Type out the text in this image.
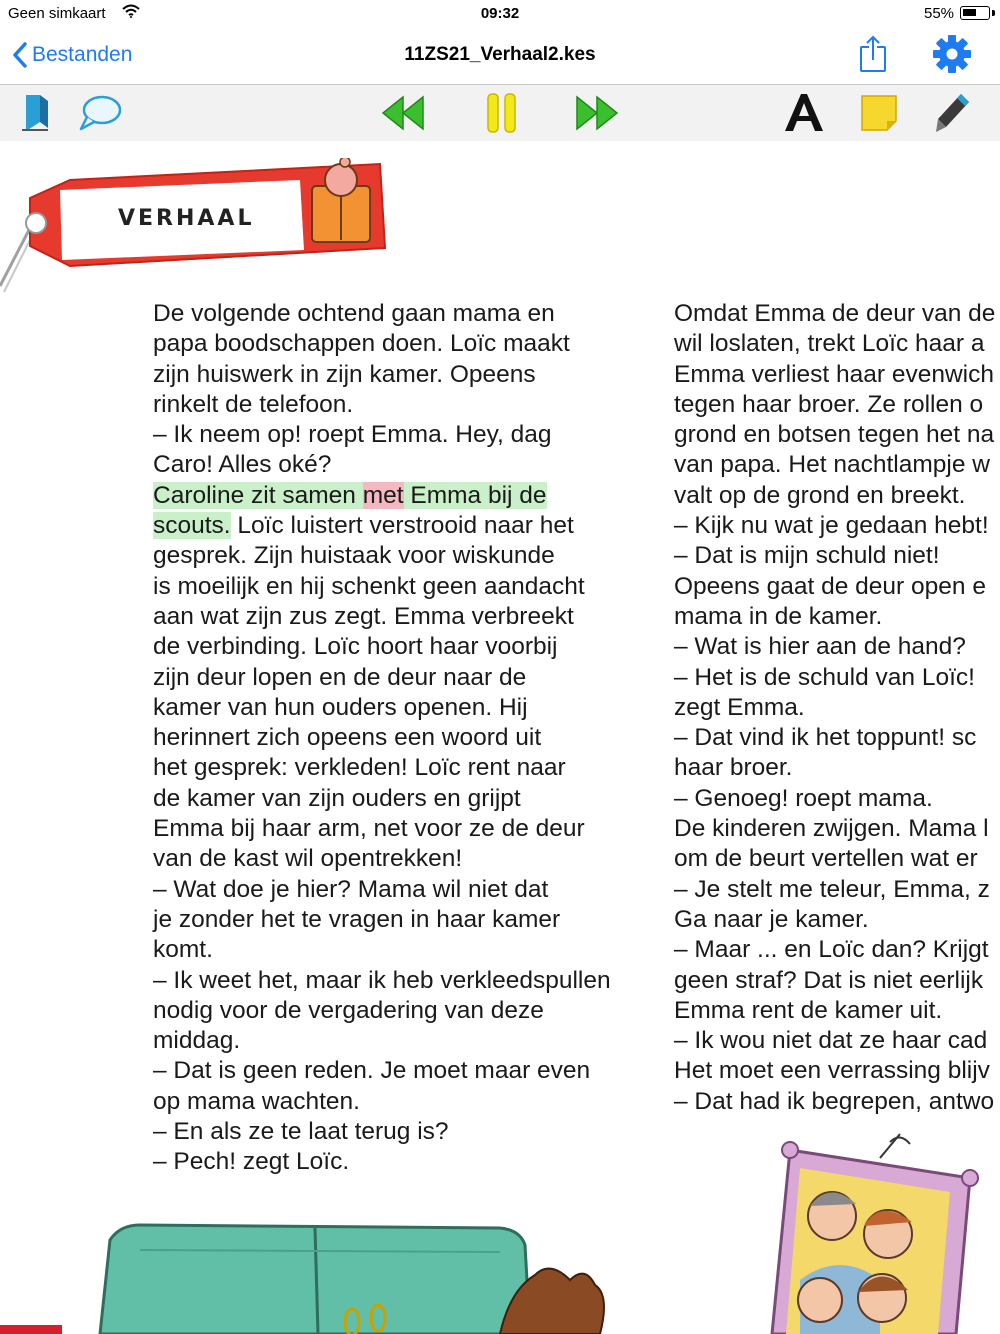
Geen simkaart	09:32	55%
Bestanden	11ZS21_Verhaal2.kes
VERHAAL
De volgende ochtend gaan mama en
papa boodschappen doen. Loïc maakt
zijn huiswerk in zijn kamer. Opeens
rinkelt de telefoon.
– Ik neem op! roept Emma. Hey, dag
Caro! Alles oké?
Caroline zit samen met Emma bij de
scouts. Loïc luistert verstrooid naar het
gesprek. Zijn huistaak voor wiskunde
is moeilijk en hij schenkt geen aandacht
aan wat zijn zus zegt. Emma verbreekt
de verbinding. Loïc hoort haar voorbij
zijn deur lopen en de deur naar de
kamer van hun ouders openen. Hij
herinnert zich opeens een woord uit
het gesprek: verkleden! Loïc rent naar
de kamer van zijn ouders en grijpt
Emma bij haar arm, net voor ze de deur
van de kast wil opentrekken!
– Wat doe je hier? Mama wil niet dat
je zonder het te vragen in haar kamer
komt.
– Ik weet het, maar ik heb verkleedspullen
nodig voor de vergadering van deze
middag.
– Dat is geen reden. Je moet maar even
op mama wachten.
– En als ze te laat terug is?
– Pech! zegt Loïc.
Omdat Emma de deur van de
wil loslaten, trekt Loïc haar a
Emma verliest haar evenwich
tegen haar broer. Ze rollen o
grond en botsen tegen het na
van papa. Het nachtlampje w
valt op de grond en breekt.
– Kijk nu wat je gedaan hebt!
– Dat is mijn schuld niet!
Opeens gaat de deur open e
mama in de kamer.
– Wat is hier aan de hand?
– Het is de schuld van Loïc!
zegt Emma.
– Dat vind ik het toppunt! sc
haar broer.
– Genoeg! roept mama.
De kinderen zwijgen. Mama l
om de beurt vertellen wat er
– Je stelt me teleur, Emma, z
Ga naar je kamer.
– Maar ... en Loïc dan? Krijgt
geen straf? Dat is niet eerlijk
Emma rent de kamer uit.
– Ik wou niet dat ze haar cad
Het moet een verrassing blijv
– Dat had ik begrepen, antwo
